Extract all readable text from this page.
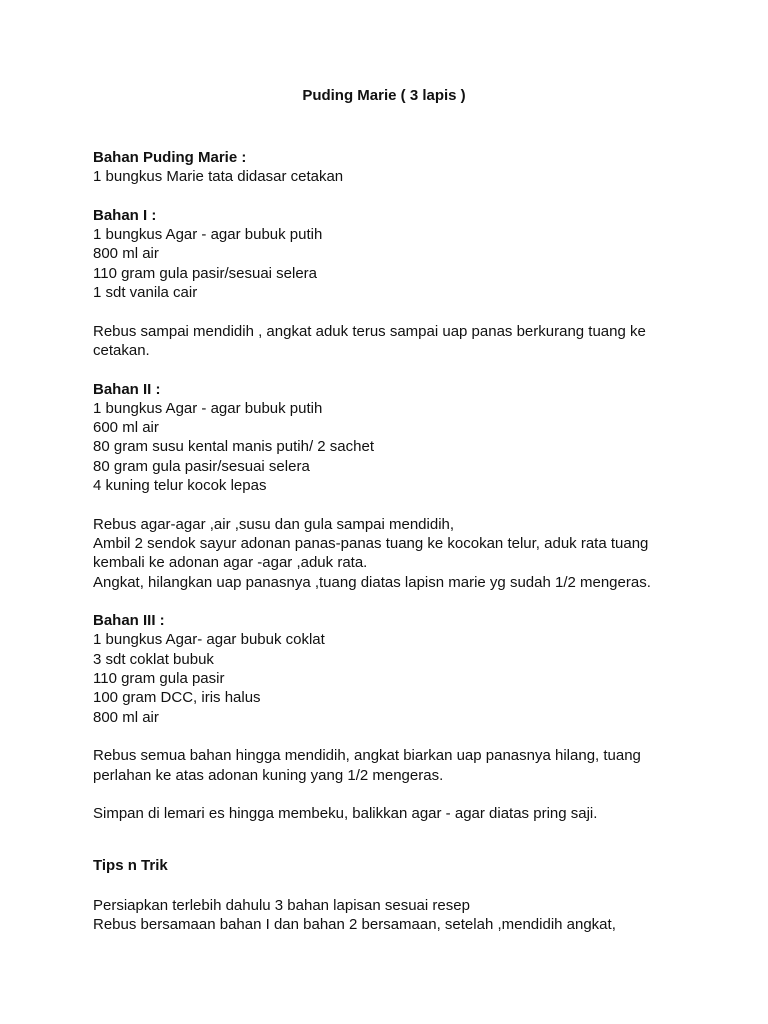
Puding Marie ( 3 lapis )

Bahan Puding Marie :

1 bungkus Marie tata didasar cetakan

Bahan I :

1 bungkus Agar - agar bubuk putih

800 ml air

110 gram gula pasir/sesuai selera

1 sdt vanila cair

Rebus sampai mendidih , angkat aduk terus sampai uap panas berkurang tuang ke

cetakan.

Bahan II :

1 bungkus Agar - agar bubuk putih

600 ml air

80 gram susu kental manis putih/ 2 sachet

80 gram gula pasir/sesuai selera

4 kuning telur kocok lepas

Rebus agar-agar ,air ,susu dan gula sampai mendidih,

Ambil 2 sendok sayur adonan panas-panas tuang ke kocokan telur, aduk rata tuang

kembali ke adonan agar -agar ,aduk rata.

Angkat, hilangkan uap panasnya ,tuang diatas lapisn marie yg sudah 1/2 mengeras.

Bahan III :

1 bungkus Agar- agar bubuk coklat

3 sdt coklat bubuk

110 gram gula pasir

100 gram DCC, iris halus

800 ml air

Rebus semua bahan hingga mendidih, angkat biarkan uap panasnya hilang, tuang

perlahan ke atas adonan kuning yang 1/2 mengeras.

Simpan di lemari es hingga membeku, balikkan agar - agar diatas pring saji.

Tips n Trik

Persiapkan terlebih dahulu 3 bahan lapisan sesuai resep

Rebus bersamaan bahan I dan bahan 2 bersamaan, setelah ,mendidih angkat,
